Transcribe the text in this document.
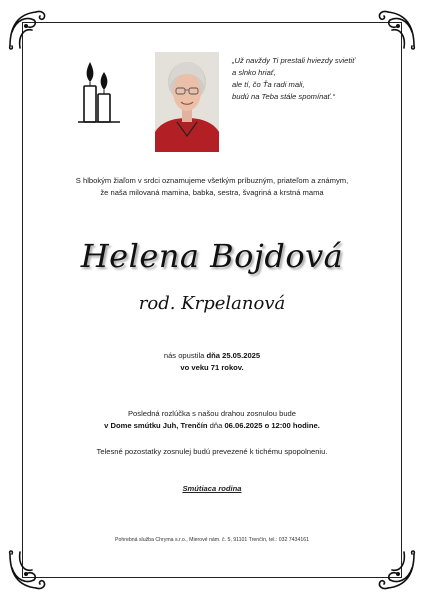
„Už navždy Ti prestali hviezdy svietiť
a slnko hriať,
ale tí, čo Ťa radi mali,
budú na Teba stále spomínať.“
S hlbokým žiaľom v srdci oznamujeme všetkým príbuzným, priateľom a známym,
že naša milovaná mamina, babka, sestra, švagriná a krstná mama
Helena Bojdová
rod. Krpelanová
nás opustila dňa 25.05.2025
vo veku 71 rokov.
Posledná rozlúčka s našou drahou zosnulou bude
v Dome smútku Juh, Trenčín dňa 06.06.2025 o 12:00 hodine.
Telesné pozostatky zosnulej budú prevezené k tichému spopolneniu.
Smútiaca rodina
Pohrebná služba Chryma s.r.o., Mierové nám. č. 5, 91101 Trenčín, tel.: 032 7434161
